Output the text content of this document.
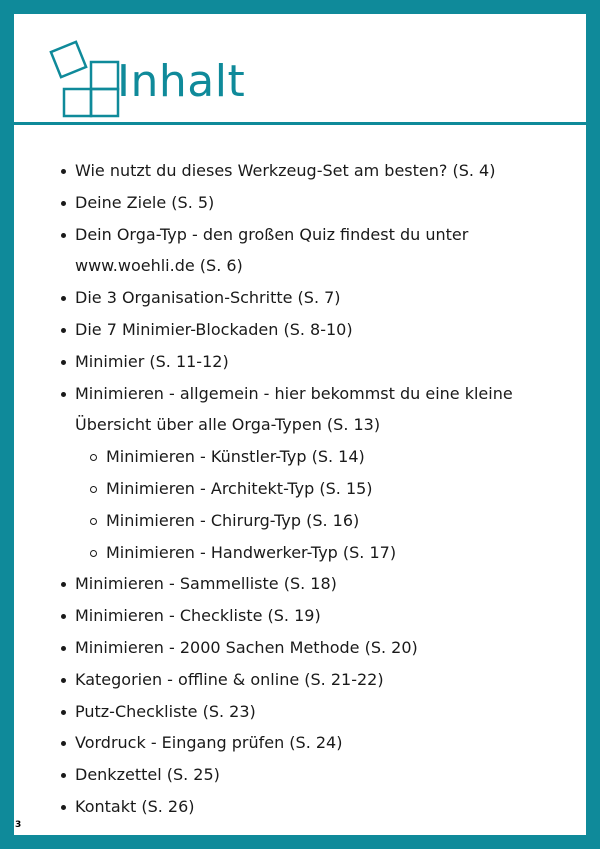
Inhalt
Wie nutzt du dieses Werkzeug-Set am besten? (S. 4)
Deine Ziele (S. 5)
Dein Orga-Typ - den großen Quiz findest du unter
www.woehli.de (S. 6)
Die 3 Organisation-Schritte (S. 7)
Die 7 Minimier-Blockaden (S. 8-10)
Minimier (S. 11-12)
Minimieren - allgemein - hier bekommst du eine kleine
Übersicht über alle Orga-Typen (S. 13)
Minimieren - Künstler-Typ (S. 14)
Minimieren - Architekt-Typ (S. 15)
Minimieren - Chirurg-Typ (S. 16)
Minimieren - Handwerker-Typ (S. 17)
Minimieren - Sammelliste (S. 18)
Minimieren - Checkliste (S. 19)
Minimieren - 2000 Sachen Methode (S. 20)
Kategorien - offline & online (S. 21-22)
Putz-Checkliste (S. 23)
Vordruck - Eingang prüfen (S. 24)
Denkzettel (S. 25)
Kontakt (S. 26)
3
